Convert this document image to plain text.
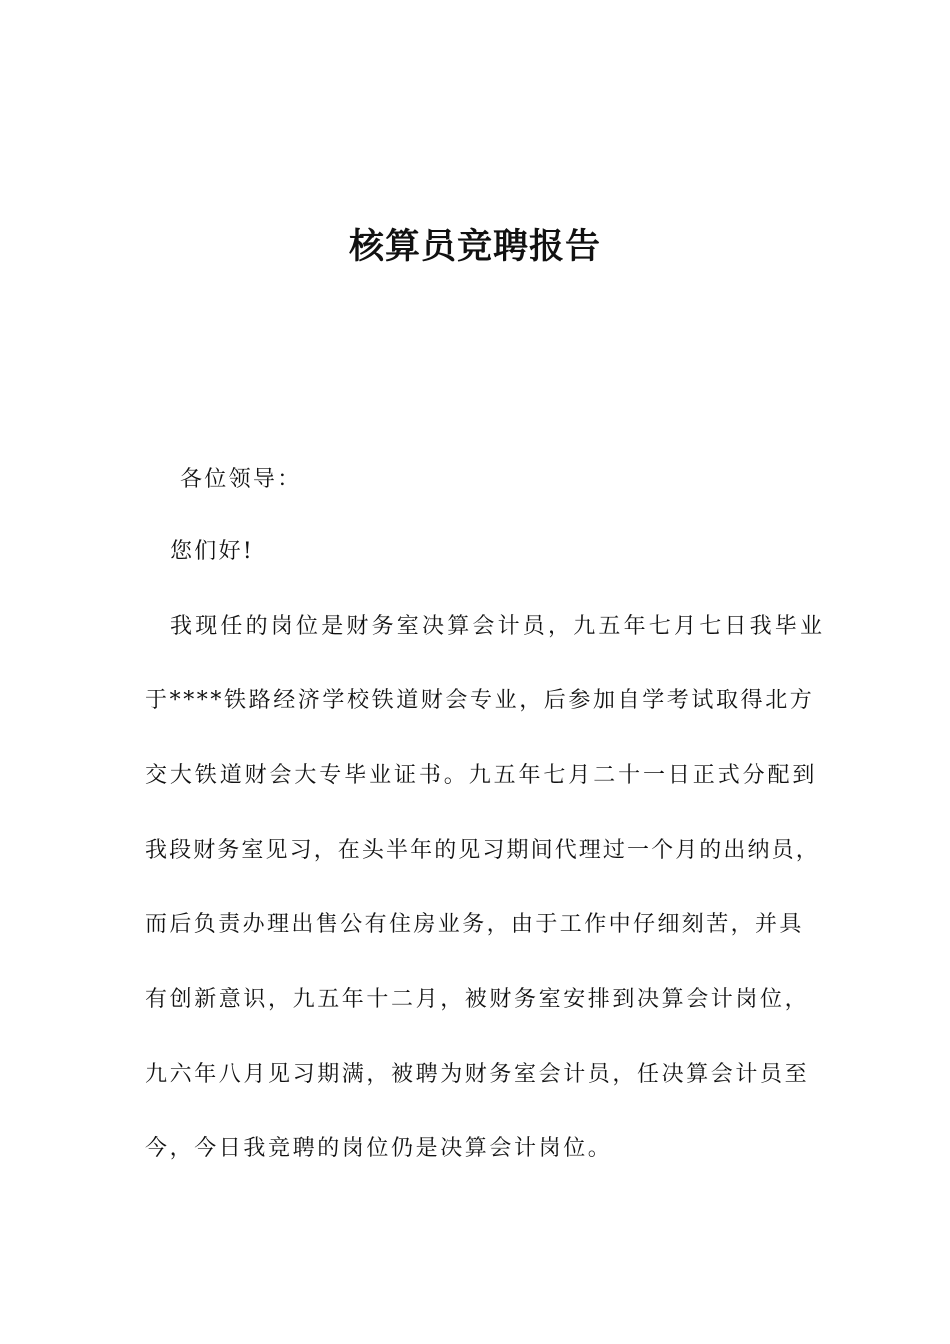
核算员竞聘报告
各位领导：
您们好!
我现任的岗位是财务室决算会计员，九五年七月七日我毕业
于****铁路经济学校铁道财会专业，后参加自学考试取得北方
交大铁道财会大专毕业证书。九五年七月二十一日正式分配到
我段财务室见习，在头半年的见习期间代理过一个月的出纳员，
而后负责办理出售公有住房业务，由于工作中仔细刻苦，并具
有创新意识，九五年十二月，被财务室安排到决算会计岗位，
九六年八月见习期满，被聘为财务室会计员，任决算会计员至
今，今日我竞聘的岗位仍是决算会计岗位。
